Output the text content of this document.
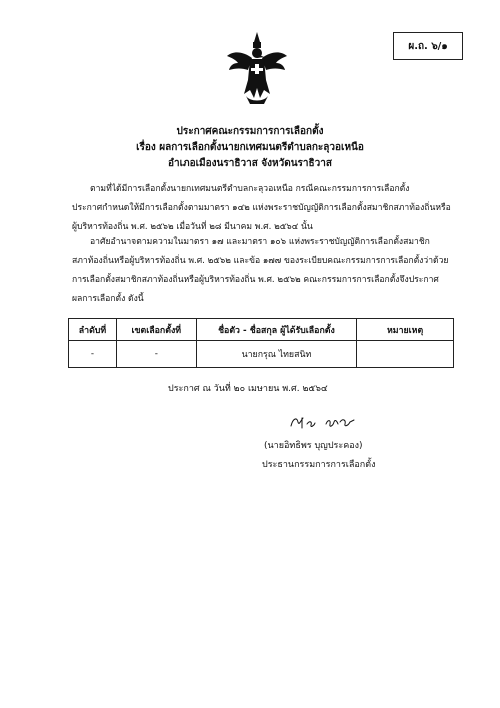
ผ.ถ. ๖/๑
ประกาศคณะกรรมการการเลือกตั้ง
เรื่อง ผลการเลือกตั้งนายกเทศมนตรีตำบลกะลุวอเหนือ
อำเภอเมืองนราธิวาส จังหวัดนราธิวาส
ตามที่ได้มีการเลือกตั้งนายกเทศมนตรีตำบลกะลุวอเหนือ กรณีคณะกรรมการการเลือกตั้ง
ประกาศกำหนดให้มีการเลือกตั้งตามมาตรา ๑๔๒ แห่งพระราชบัญญัติการเลือกตั้งสมาชิกสภาท้องถิ่นหรือ
ผู้บริหารท้องถิ่น พ.ศ. ๒๕๖๒ เมื่อวันที่ ๒๘ มีนาคม พ.ศ. ๒๕๖๔ นั้น
อาศัยอำนาจตามความในมาตรา ๑๗ และมาตรา ๑๐๖ แห่งพระราชบัญญัติการเลือกตั้งสมาชิก
สภาท้องถิ่นหรือผู้บริหารท้องถิ่น พ.ศ. ๒๕๖๒ และข้อ ๑๗๗ ของระเบียบคณะกรรมการการเลือกตั้งว่าด้วย
การเลือกตั้งสมาชิกสภาท้องถิ่นหรือผู้บริหารท้องถิ่น พ.ศ. ๒๕๖๒ คณะกรรมการการเลือกตั้งจึงประกาศ
ผลการเลือกตั้ง ดังนี้
ลำดับที่	เขตเลือกตั้งที่	ชื่อตัว - ชื่อสกุล ผู้ได้รับเลือกตั้ง	หมายเหตุ
-	-	นายกรุณ ไทยสนิท	
ประกาศ ณ วันที่ ๒๐ เมษายน พ.ศ. ๒๕๖๔
(นายอิทธิพร บุญประคอง)
ประธานกรรมการการเลือกตั้ง
